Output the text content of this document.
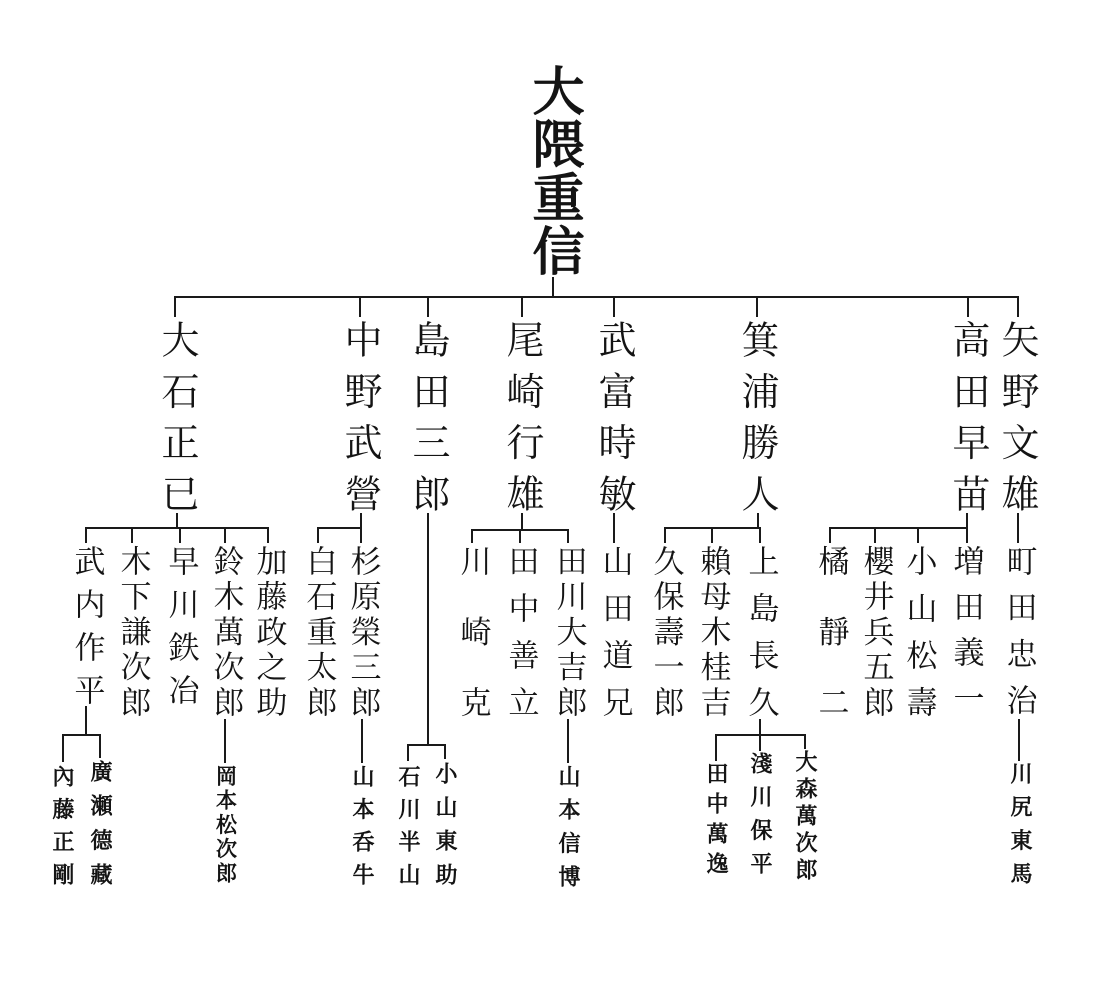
大隈重信
矢野文雄
高田早苗
箕浦勝人
武富時敏
尾崎行雄
島田三郎
中野武營
大石正已
町田忠治
増田義一
小山松壽
櫻井兵五郎
橘靜二
上島長久
賴母木桂吉
久保壽一郎
山田道兄
田川大吉郎
田中善立
川崎克
小山東助
石川半山
杉原榮三郎
白石重太郎
加藤政之助
鈴木萬次郎
早川鉄冶
木下謙次郎
武内作平
川尻東馬
大森萬次郎
淺川保平
田中萬逸
山本信博
山本呑牛
岡本松次郎
廣瀬德藏
內藤正剛
